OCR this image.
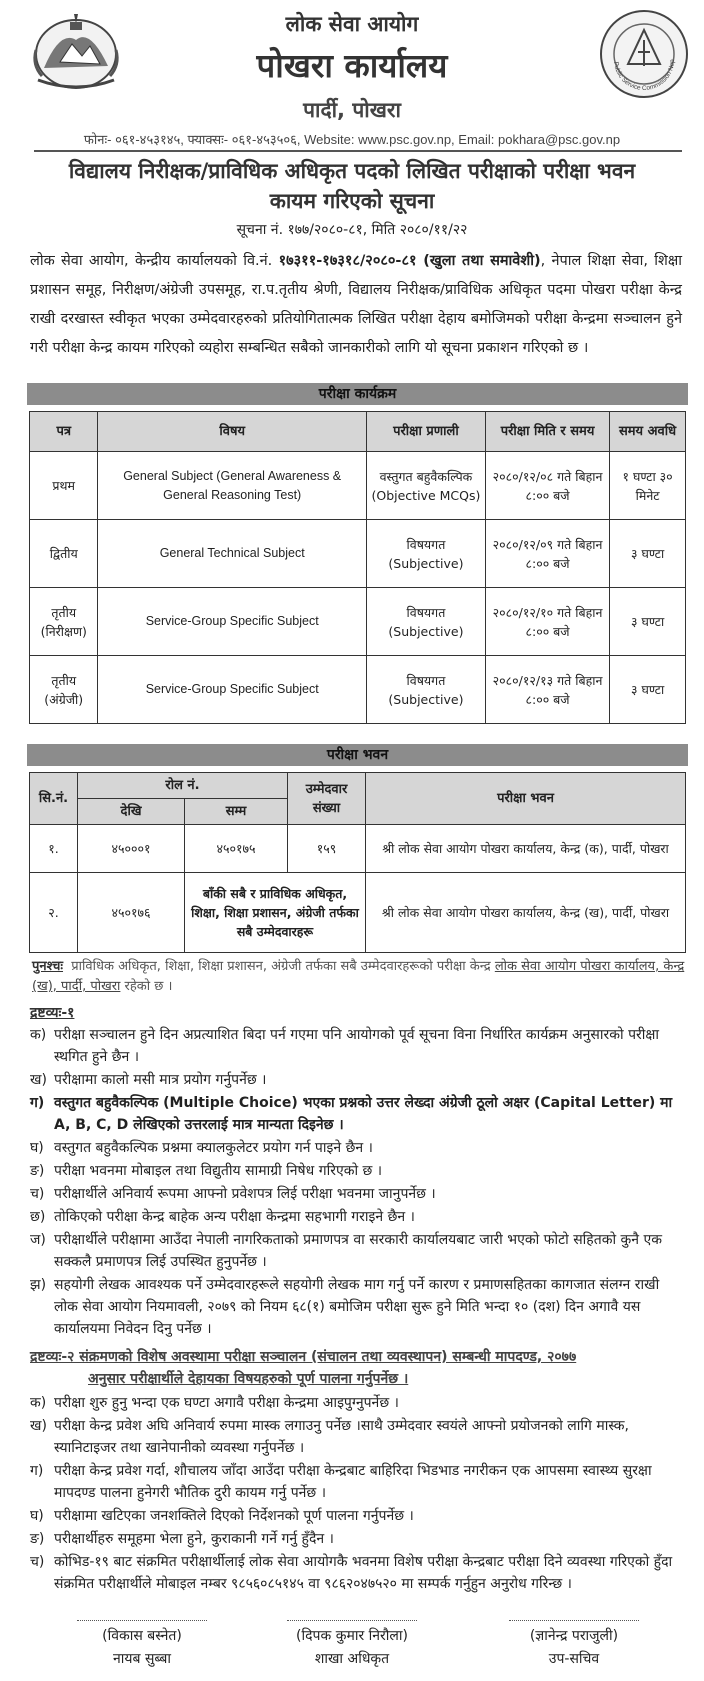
लोक सेवा आयोग
पोखरा कार्यालय
पार्दी, पोखरा
Public Service Commission Nep
फोनः- ०६१-४५३१४५, फ्याक्सः- ०६१-४५३५०६, Website: www.psc.gov.np, Email: pokhara@psc.gov.np
विद्यालय निरीक्षक/प्राविधिक अधिकृत पदको लिखित परीक्षाको परीक्षा भवन
कायम गरिएको सूचना
सूचना नं. १७७/२०८०-८१, मिति २०८०/११/२२

लोक सेवा आयोग, केन्द्रीय कार्यालयको वि.नं. १७३११-१७३१८/२०८०-८१ (खुला तथा समावेशी), नेपाल शिक्षा सेवा, शिक्षा प्रशासन समूह, निरीक्षण/अंग्रेजी उपसमूह, रा.प.तृतीय श्रेणी, विद्यालय निरीक्षक/प्राविधिक अधिकृत पदमा पोखरा परीक्षा केन्द्र राखी दरखास्त स्वीकृत भएका उम्मेदवारहरुको प्रतियोगितात्मक लिखित परीक्षा देहाय बमोजिमको परीक्षा केन्द्रमा सञ्चालन हुने गरी परीक्षा केन्द्र कायम गरिएको व्यहोरा सम्बन्धित सबैको जानकारीको लागि यो सूचना प्रकाशन गरिएको छ ।

परीक्षा कार्यक्रम
पत्र	विषय	परीक्षा प्रणाली	परीक्षा मिति र समय	समय अवधि
प्रथम	General Subject (General Awareness & General Reasoning Test)	वस्तुगत बहुवैकल्पिक (Objective MCQs)	२०८०/१२/०८ गते बिहान ८:०० बजे	१ घण्टा ३० मिनेट
द्वितीय	General Technical Subject	विषयगत (Subjective)	२०८०/१२/०९ गते बिहान ८:०० बजे	३ घण्टा
तृतीय (निरीक्षण)	Service-Group Specific Subject	विषयगत (Subjective)	२०८०/१२/१० गते बिहान ८:०० बजे	३ घण्टा
तृतीय (अंग्रेजी)	Service-Group Specific Subject	विषयगत (Subjective)	२०८०/१२/१३ गते बिहान ८:०० बजे	३ घण्टा
परीक्षा भवन
सि.नं.	रोल नं.		उम्मेदवार संख्या	परीक्षा भवन
	देखि	सम्म		
१.	४५०००१	४५०१७५	१५९	श्री लोक सेवा आयोग पोखरा कार्यालय, केन्द्र (क), पार्दी, पोखरा
२.	४५०१७६	बाँकी सबै र प्राविधिक अधिकृत, शिक्षा, शिक्षा प्रशासन, अंग्रेजी तर्फका सबै उम्मेदवारहरू		श्री लोक सेवा आयोग पोखरा कार्यालय, केन्द्र (ख), पार्दी, पोखरा

पुनश्चः प्राविधिक अधिकृत, शिक्षा, शिक्षा प्रशासन, अंग्रेजी तर्फका सबै उम्मेदवारहरूको परीक्षा केन्द्र लोक सेवा आयोग पोखरा कार्यालय, केन्द्र (ख), पार्दी, पोखरा रहेको छ ।

द्रष्टव्यः-१
क) परीक्षा सञ्चालन हुने दिन अप्रत्याशित बिदा पर्न गएमा पनि आयोगको पूर्व सूचना विना निर्धारित कार्यक्रम अनुसारको परीक्षा स्थगित हुने छैन ।
ख) परीक्षामा कालो मसी मात्र प्रयोग गर्नुपर्नेछ ।
ग) वस्तुगत बहुवैकल्पिक (Multiple Choice) भएका प्रश्नको उत्तर लेख्दा अंग्रेजी ठूलो अक्षर (Capital Letter) मा A, B, C, D लेखिएको उत्तरलाई मात्र मान्यता दिइनेछ ।
घ) वस्तुगत बहुवैकल्पिक प्रश्नमा क्यालकुलेटर प्रयोग गर्न पाइने छैन ।
ङ) परीक्षा भवनमा मोबाइल तथा विद्युतीय सामाग्री निषेध गरिएको छ ।
च) परीक्षार्थीले अनिवार्य रूपमा आफ्नो प्रवेशपत्र लिई परीक्षा भवनमा जानुपर्नेछ ।
छ) तोकिएको परीक्षा केन्द्र बाहेक अन्य परीक्षा केन्द्रमा सहभागी गराइने छैन ।
ज) परीक्षार्थीले परीक्षामा आउँदा नेपाली नागरिकताको प्रमाणपत्र वा सरकारी कार्यालयबाट जारी भएको फोटो सहितको कुनै एक सक्कलै प्रमाणपत्र लिई उपस्थित हुनुपर्नेछ ।
झ) सहयोगी लेखक आवश्यक पर्ने उम्मेदवारहरूले सहयोगी लेखक माग गर्नु पर्ने कारण र प्रमाणसहितका कागजात संलग्न राखी लोक सेवा आयोग नियमावली, २०७९ को नियम ६८(१) बमोजिम परीक्षा सुरू हुने मिति भन्दा १० (दश) दिन अगावै यस कार्यालयमा निवेदन दिनु पर्नेछ ।
द्रष्टव्यः-२ संक्रमणको विशेष अवस्थामा परीक्षा सञ्चालन (संचालन तथा व्यवस्थापन) सम्बन्धी मापदण्ड, २०७७
अनुसार परीक्षार्थीले देहायका विषयहरुको पूर्ण पालना गर्नुपर्नेछ ।
क) परीक्षा शुरु हुनु भन्दा एक घण्टा अगावै परीक्षा केन्द्रमा आइपुग्नुपर्नेछ ।
ख) परीक्षा केन्द्र प्रवेश अघि अनिवार्य रुपमा मास्क लगाउनु पर्नेछ ।साथै उम्मेदवार स्वयंले आफ्नो प्रयोजनको लागि मास्क, स्यानिटाइजर तथा खानेपानीको व्यवस्था गर्नुपर्नेछ ।
ग) परीक्षा केन्द्र प्रवेश गर्दा, शौचालय जाँदा आउँदा परीक्षा केन्द्रबाट बाहिरिदा भिडभाड नगरीकन एक आपसमा स्वास्थ्य सुरक्षा मापदण्ड पालना हुनेगरी भौतिक दुरी कायम गर्नु पर्नेछ ।
घ) परीक्षामा खटिएका जनशक्तिले दिएको निर्देशनको पूर्ण पालना गर्नुपर्नेछ ।
ङ) परीक्षार्थीहरु समूहमा भेला हुने, कुराकानी गर्ने गर्नु हुँदैन ।
च) कोभिड-१९ बाट संक्रमित परीक्षार्थीलाई लोक सेवा आयोगकै भवनमा विशेष परीक्षा केन्द्रबाट परीक्षा दिने व्यवस्था गरिएको हुँदा संक्रमित परीक्षार्थीले मोबाइल नम्बर ९८५६०८५१४५ वा ९८६२०४७५२० मा सम्पर्क गर्नुहुन अनुरोध गरिन्छ ।
(विकास बस्नेत)
नायब सुब्बा
(दिपक कुमार निरौला)
शाखा अधिकृत
(ज्ञानेन्द्र पराजुली)
उप-सचिव
